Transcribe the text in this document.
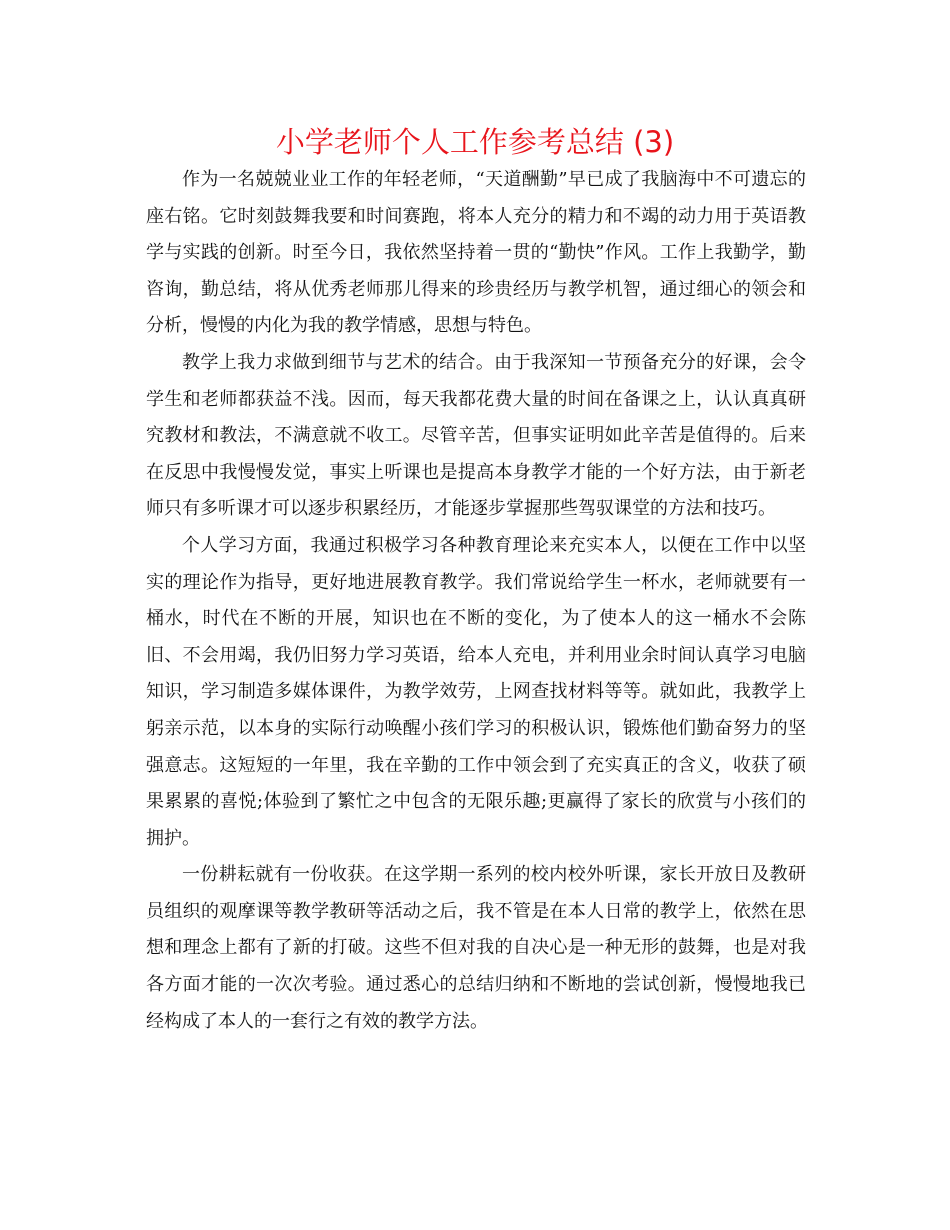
小学老师个人工作参考总结 (3)

作为一名兢兢业业工作的年轻老师，“天道酬勤”早已成了我脑海中不可遗忘的座右铭。它时刻鼓舞我要和时间赛跑，将本人充分的精力和不竭的动力用于英语教学与实践的创新。时至今日，我依然坚持着一贯的“勤快”作风。工作上我勤学，勤咨询，勤总结，将从优秀老师那儿得来的珍贵经历与教学机智，通过细心的领会和分析，慢慢的内化为我的教学情感，思想与特色。

教学上我力求做到细节与艺术的结合。由于我深知一节预备充分的好课，会令学生和老师都获益不浅。因而，每天我都花费大量的时间在备课之上，认认真真研究教材和教法，不满意就不收工。尽管辛苦，但事实证明如此辛苦是值得的。后来在反思中我慢慢发觉，事实上听课也是提高本身教学才能的一个好方法，由于新老师只有多听课才可以逐步积累经历，才能逐步掌握那些驾驭课堂的方法和技巧。

个人学习方面，我通过积极学习各种教育理论来充实本人，以便在工作中以坚实的理论作为指导，更好地进展教育教学。我们常说给学生一杯水，老师就要有一桶水，时代在不断的开展，知识也在不断的变化，为了使本人的这一桶水不会陈旧、不会用竭，我仍旧努力学习英语，给本人充电，并利用业余时间认真学习电脑知识，学习制造多媒体课件，为教学效劳，上网查找材料等等。就如此，我教学上躬亲示范，以本身的实际行动唤醒小孩们学习的积极认识，锻炼他们勤奋努力的坚强意志。这短短的一年里，我在辛勤的工作中领会到了充实真正的含义，收获了硕果累累的喜悦;体验到了繁忙之中包含的无限乐趣;更赢得了家长的欣赏与小孩们的拥护。

一份耕耘就有一份收获。在这学期一系列的校内校外听课，家长开放日及教研员组织的观摩课等教学教研等活动之后，我不管是在本人日常的教学上，依然在思想和理念上都有了新的打破。这些不但对我的自决心是一种无形的鼓舞，也是对我各方面才能的一次次考验。通过悉心的总结归纳和不断地的尝试创新，慢慢地我已经构成了本人的一套行之有效的教学方法。
